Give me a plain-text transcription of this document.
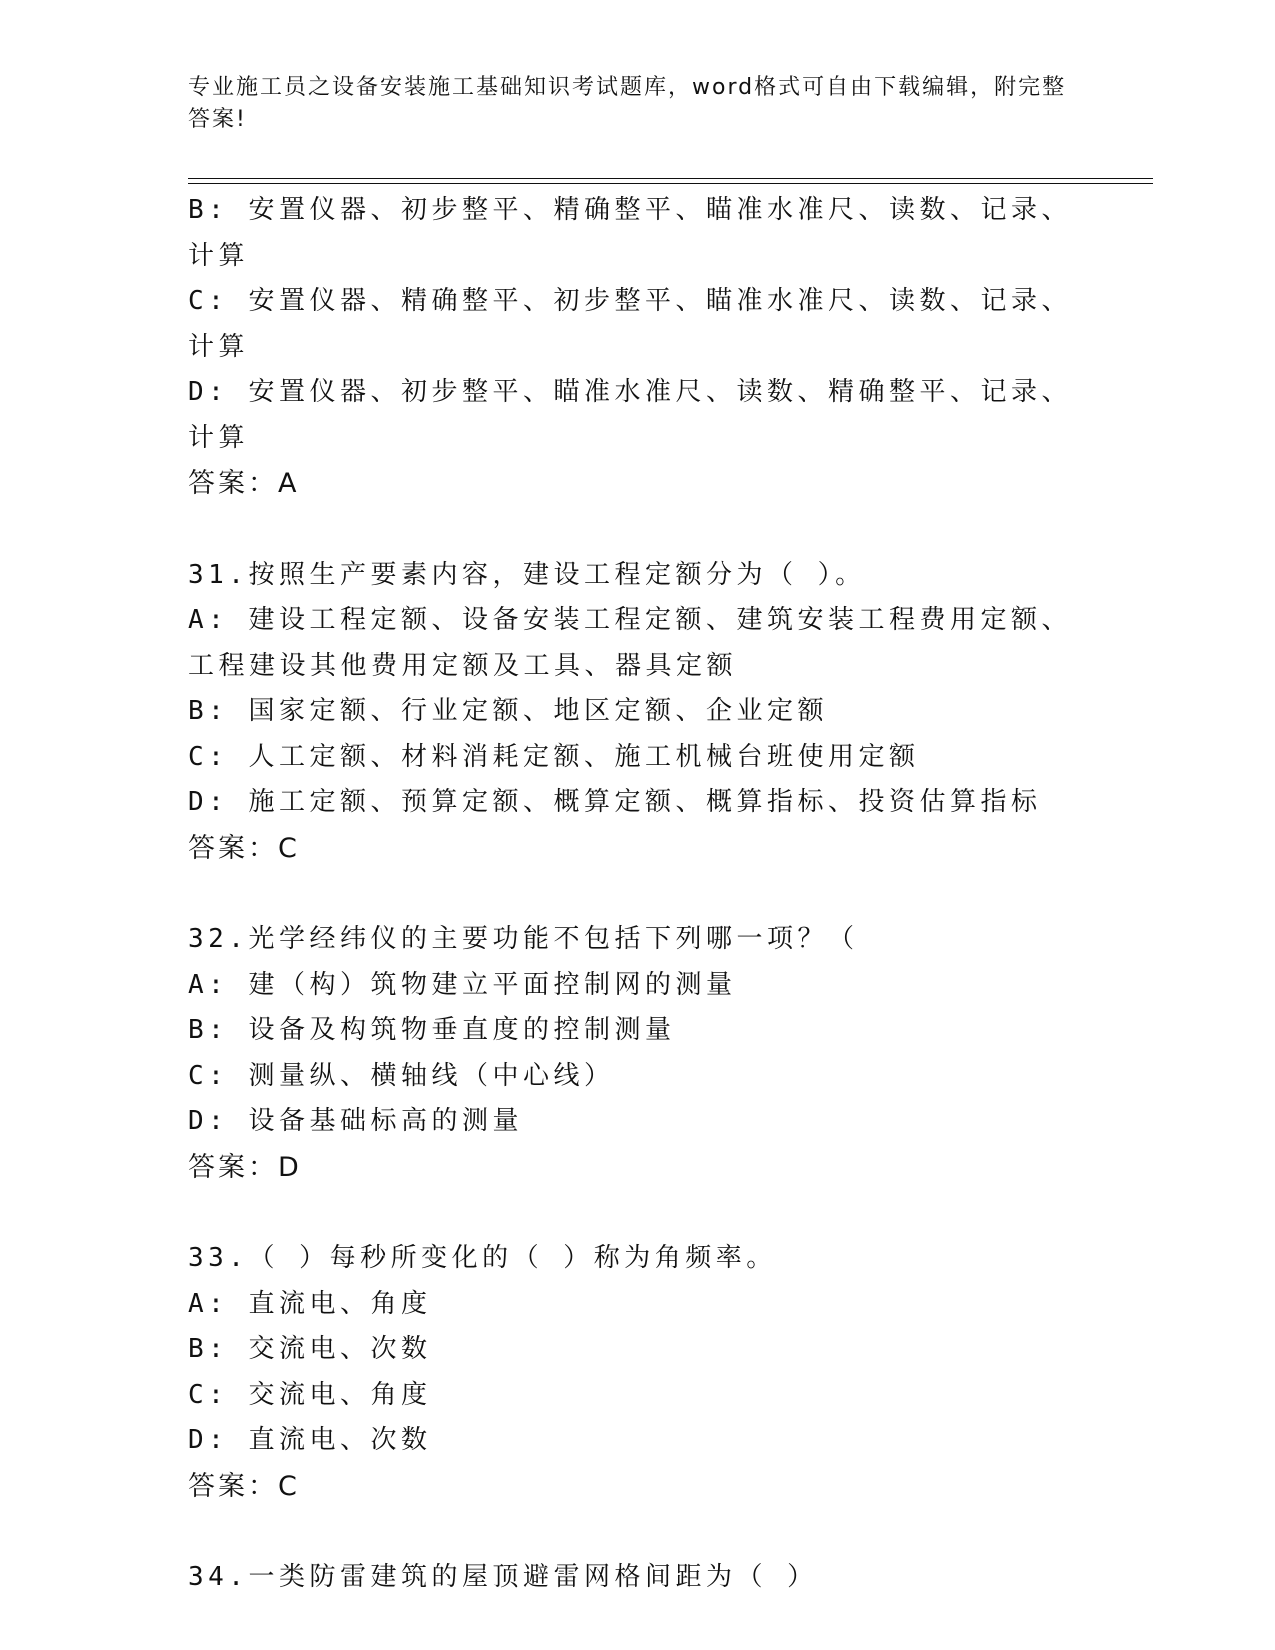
专业施工员之设备安装施工基础知识考试题库，word格式可自由下载编辑，附完整答案!
B: 安置仪器、初步整平、精确整平、瞄准水准尺、读数、记录、计算
C: 安置仪器、精确整平、初步整平、瞄准水准尺、读数、记录、计算
D: 安置仪器、初步整平、瞄准水准尺、读数、精确整平、记录、计算
答案：A
31.按照生产要素内容，建设工程定额分为（ ）。
A: 建设工程定额、设备安装工程定额、建筑安装工程费用定额、工程建设其他费用定额及工具、器具定额
B: 国家定额、行业定额、地区定额、企业定额
C: 人工定额、材料消耗定额、施工机械台班使用定额
D: 施工定额、预算定额、概算定额、概算指标、投资估算指标
答案：C
32.光学经纬仪的主要功能不包括下列哪一项？（
A: 建（构）筑物建立平面控制网的测量
B: 设备及构筑物垂直度的控制测量
C: 测量纵、横轴线（中心线）
D: 设备基础标高的测量
答案：D
33.（ ）每秒所变化的（ ）称为角频率。
A: 直流电、角度
B: 交流电、次数
C: 交流电、角度
D: 直流电、次数
答案：C
34.一类防雷建筑的屋顶避雷网格间距为（ ）
